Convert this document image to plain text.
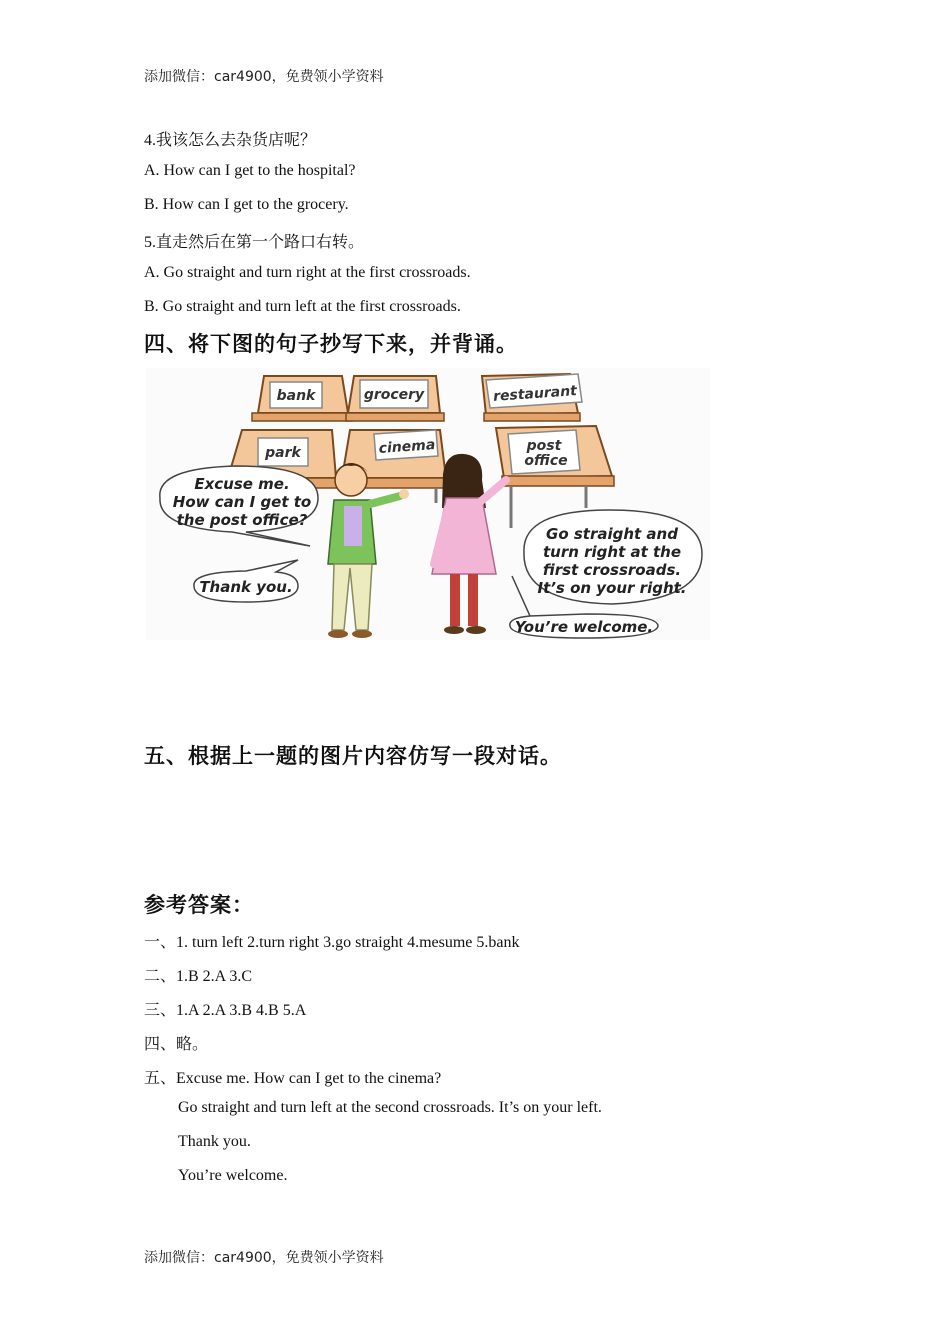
添加微信：car4900，免费领小学资料
4.我该怎么去杂货店呢？
A. How can I get to the hospital?
B. How can I get to the grocery.
5.直走然后在第一个路口右转。
A. Go straight and turn right at the first crossroads.
B. Go straight and turn left at the first crossroads.
四、将下图的句子抄写下来，并背诵。
bank	grocery	restaurant
park	cinema	post
office
Excuse me.
How can I get to
the post office?
Thank you.
Go straight and
turn right at the
first crossroads.
It’s on your right.
You’re welcome.
五、根据上一题的图片内容仿写一段对话。
参考答案：
一、1. turn left 2.turn right 3.go straight 4.mesume 5.bank
二、1.B 2.A 3.C
三、1.A 2.A 3.B 4.B 5.A
四、略。
五、Excuse me. How can I get to the cinema?
Go straight and turn left at the second crossroads. It’s on your left.
Thank you.
You’re welcome.
添加微信：car4900，免费领小学资料
